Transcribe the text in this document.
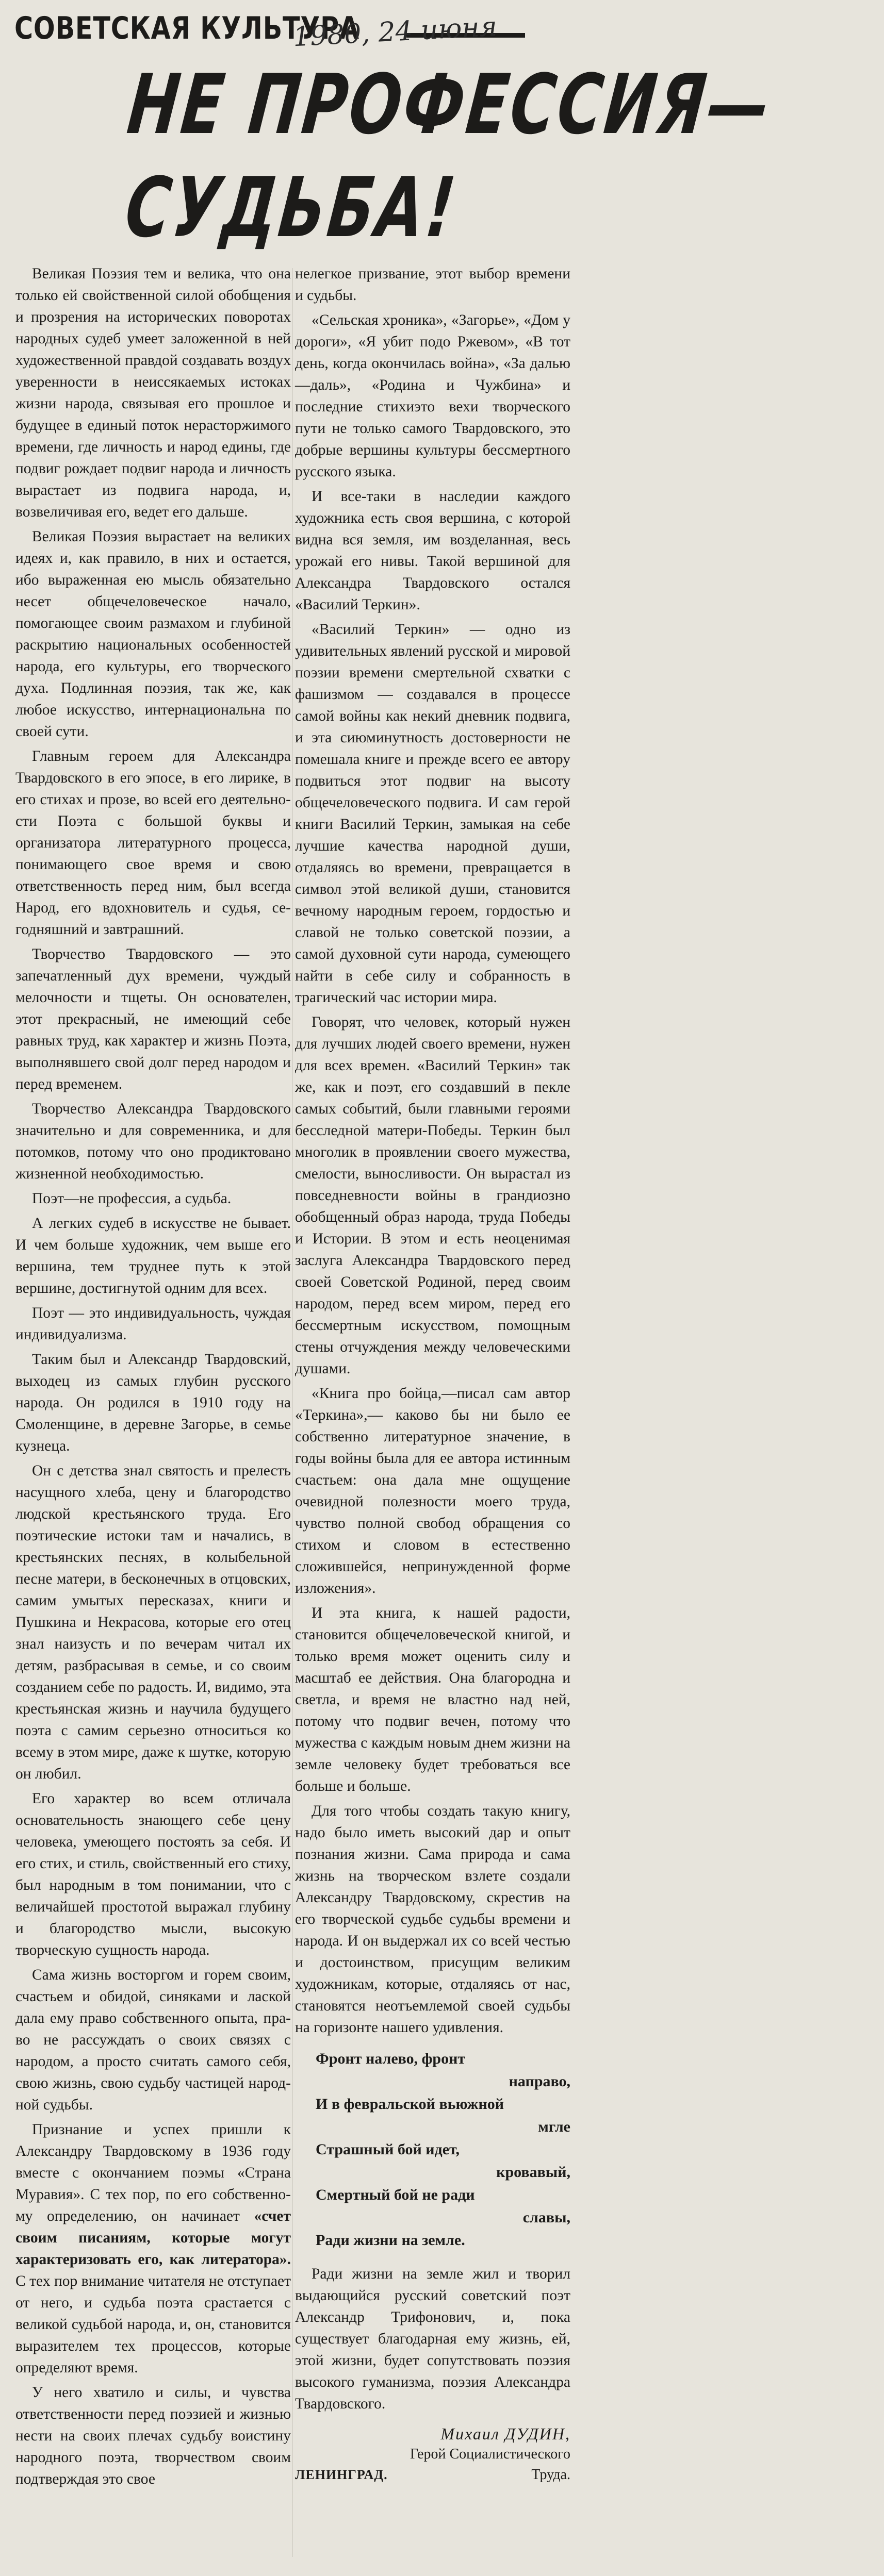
СОВЕТСКАЯ КУЛЬТУРА
1980, 24 июня
НЕ ПРОФЕССИЯ—
СУДЬБА!

Великая Поэзия тем и велика, что она только ей свойственной силой обобщения и прозрения на исторических поворотах народных судеб умеет заложенной в ней художественной правдой создавать воздух уверенности в неиссякаемых истоках жизни народа, связывая его прошлое и будущее в единый поток нерасторжимого времени, где личность и народ едины, где подвиг рождает подвиг народа и личность вырастает из подвига народа, и, возвеличивая его, ведет его дальше.

Великая Поэзия вырастает на великих идеях и, как правило, в них и остается, ибо выраженная ею мысль обязательно несет общечеловеческое начало, помогающее своим размахом и глубиной раскрытию национальных особенностей народа, его культуры, его творческого духа. Подлинная поэзия, так же, как любое искусство, интернациональна по своей сути.

Главным героем для Александра Твардовского в его эпосе, в его лирике, в его стихах и прозе, во всей его деятельности Поэта с большой буквы и организатора литературного процесса, понимающего свое время и свою ответственность перед ним, был всегда Народ, его вдохновитель и судья, сегодняшний и завтрашний.

Творчество Твардовского — это запечатленный дух времени, чуждый мелочности и тщеты. Он основателен, этот прекрасный, не имеющий себе равных труд, как характер и жизнь Поэта, выполнявшего свой долг перед народом и перед временем.

Творчество Александра Твардовского значительно и для современника, и для потомков, потому что оно продиктовано жизненной необходимостью.

Поэт—не профессия, а судьба.

А легких судеб в искусстве не бывает. И чем больше художник, чем выше его вершина, тем труднее путь к этой вершине, достигнутой одним для всех.

Поэт — это индивидуальность, чуждая индивидуализма.

Таким был и Александр Твардовский, выходец из самых глубин русского народа. Он родился в 1910 году на Смоленщине, в деревне Загорье, в семье кузнеца.

Он с детства знал святость и прелесть насущного хлеба, цену и благородство людской крестьянского труда. Его поэтические истоки там и начались, в крестьянских песнях, в колыбельной песне матери, в бесконечных в отцовских, самим умытых пересказах, книги и Пушкина и Некрасова, которые его отец знал наизусть и по вечерам читал их детям, разбрасывая в семье, и со своим созданием себе по радость. И, видимо, эта крестьянская жизнь и научила будущего поэта с самим серьезно относиться ко всему в этом мире, даже к шутке, которую он любил.

Его характер во всем отличала основательность знающего себе цену человека, умеющего постоять за себя. И его стих, и стиль, свойственный его стиху, был народным в том понимании, что с величайшей простотой выражал глубину и благородство мысли, высокую творческую сущность народа.

Сама жизнь восторгом и горем своим, счастьем и обидой, синяками и лаской дала ему право собственного опыта, право не рассуждать о своих связях с народом, а просто считать самого себя, свою жизнь, свою судьбу частицей народной судьбы.

Признание и успех пришли к Александру Твардовскому в 1936 году вместе с окончанием поэмы «Страна Муравия». С тех пор, по его собственному определению, он начинает «счет своим писаниям, которые могут характеризовать его, как литератора». С тех пор внимание читателя не отступает от него, и судьба поэта срастается с великой судьбой народа, и, он, становится выразителем тех процессов, которые определяют время.

У него хватило и силы, и чувства ответственности перед поэзией и жизнью нести на своих плечах судьбу воистину народного поэта, творчеством своим подтверждая это свое

нелегкое призвание, этот выбор времени и судьбы.

«Сельская хроника», «Загорье», «Дом у дороги», «Я убит подо Ржевом», «В тот день, когда окончилась война», «За далью—даль», «Родина и Чужбина» и последние стихиэто вехи творческого пути не только самого Твардовского, это добрые вершины культуры бессмертного русского языка.

И все-таки в наследии каждого художника есть своя вершина, с которой видна вся земля, им возделанная, весь урожай его нивы. Такой вершиной для Александра Твардовского остался «Василий Теркин».

«Василий Теркин» — одно из удивительных явлений русской и мировой поэзии времени смертельной схватки с фашизмом — создавался в процессе самой войны как некий дневник подвига, и эта сиюминутность достоверности не помешала книге и прежде всего ее автору подвиться этот подвиг на высоту общечеловеческого подвига. И сам герой книги Василий Теркин, замыкая на себе лучшие качества народной души, отдаляясь во времени, превращается в символ этой великой души, становится вечному народным героем, гордостью и славой не только советской поэзии, а самой духовной сути народа, сумеющего найти в себе силу и собранность в трагический час истории мира.

Говорят, что человек, который нужен для лучших людей своего времени, нужен для всех времен. «Василий Теркин» так же, как и поэт, его создавший в пекле самых событий, были главными героями бесследной матери-Победы. Теркин был многолик в проявлении своего мужества, смелости, выносливости. Он вырастал из повседневности войны в грандиозно обобщенный образ народа, труда Победы и Истории. В этом и есть неоценимая заслуга Александра Твардовского перед своей Советской Родиной, перед своим народом, перед всем миром, перед его бессмертным искусством, помощным стены отчуждения между человеческими душами.

«Книга про бойца,—писал сам автор «Теркина»,— каково бы ни было ее собственно литературное значение, в годы войны была для ее автора истинным счастьем: она дала мне ощущение очевидной полезности моего труда, чувство полной свобод обращения со стихом и словом в естественно сложившейся, непринужденной форме изложения».

И эта книга, к нашей радости, становится общечеловеческой книгой, и только время может оценить силу и масштаб ее действия. Она благородна и светла, и время не властно над ней, потому что подвиг вечен, потому что мужества с каждым новым днем жизни на земле человеку будет требоваться все больше и больше.

Для того чтобы создать такую книгу, надо было иметь высокий дар и опыт познания жизни. Сама природа и сама жизнь на творческом взлете создали Александру Твардовскому, скрестив на его творческой судьбе судьбы времени и народа. И он выдержал их со всей честью и достоинством, присущим великим художникам, которые, отдаляясь от нас, становятся неотъемлемой своей судьбы на горизонте нашего удивления.

Фронт налево, фронт
направо,
И в февральской вьюжной
мгле
Страшный бой идет,
кровавый,
Смертный бой не ради
славы,
Ради жизни на земле.

Ради жизни на земле жил и творил выдающийся русский советский поэт Александр Трифонович, и, пока существует благодарная ему жизнь, ей, этой жизни, будет сопутствовать поэзия высокого гуманизма, поэзия Александра Твардовского.

Михаил ДУДИН,
Герой Социалистического
ЛЕНИНГРАД.	Труда.
